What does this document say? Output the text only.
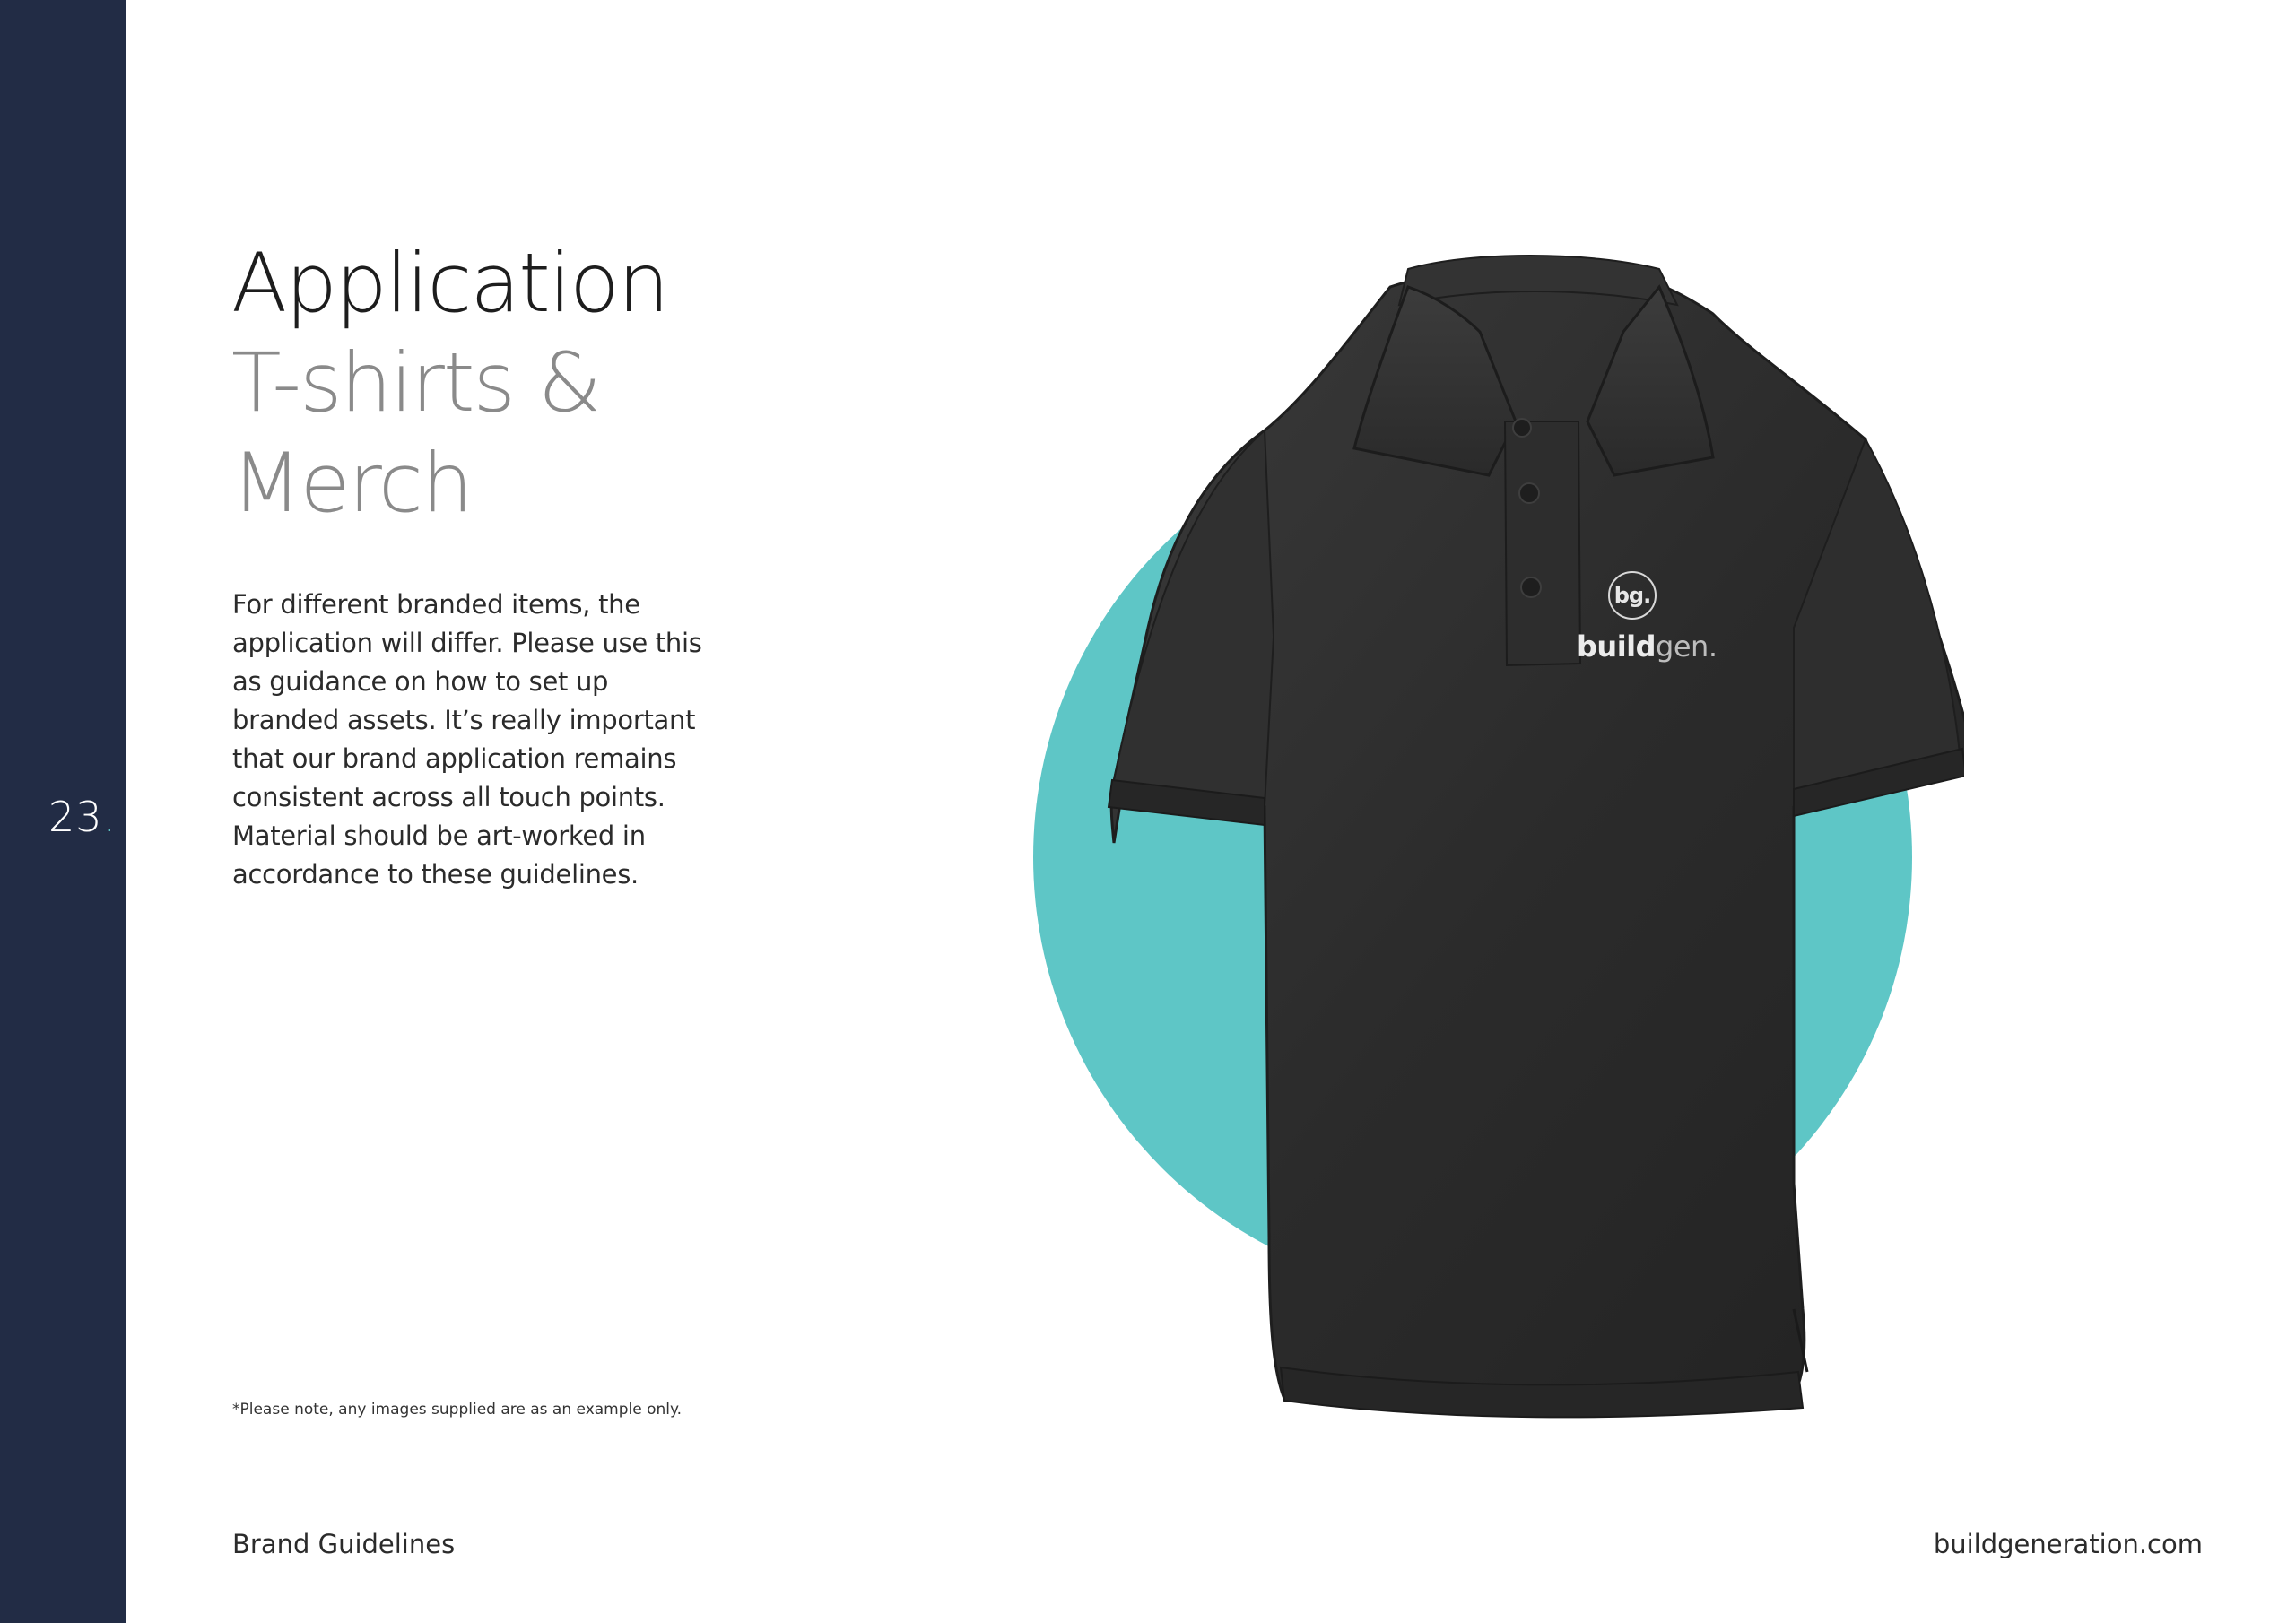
23.
Application
T-shirts &
Merch
For different branded items, the application will differ. Please use this as guidance on how to set up branded assets. It’s really important that our brand application remains consistent across all touch points. Material should be art-worked in accordance to these guidelines.
*Please note, any images supplied are as an example only.
Brand Guidelines	buildgeneration.com
bg.
buildgen.
